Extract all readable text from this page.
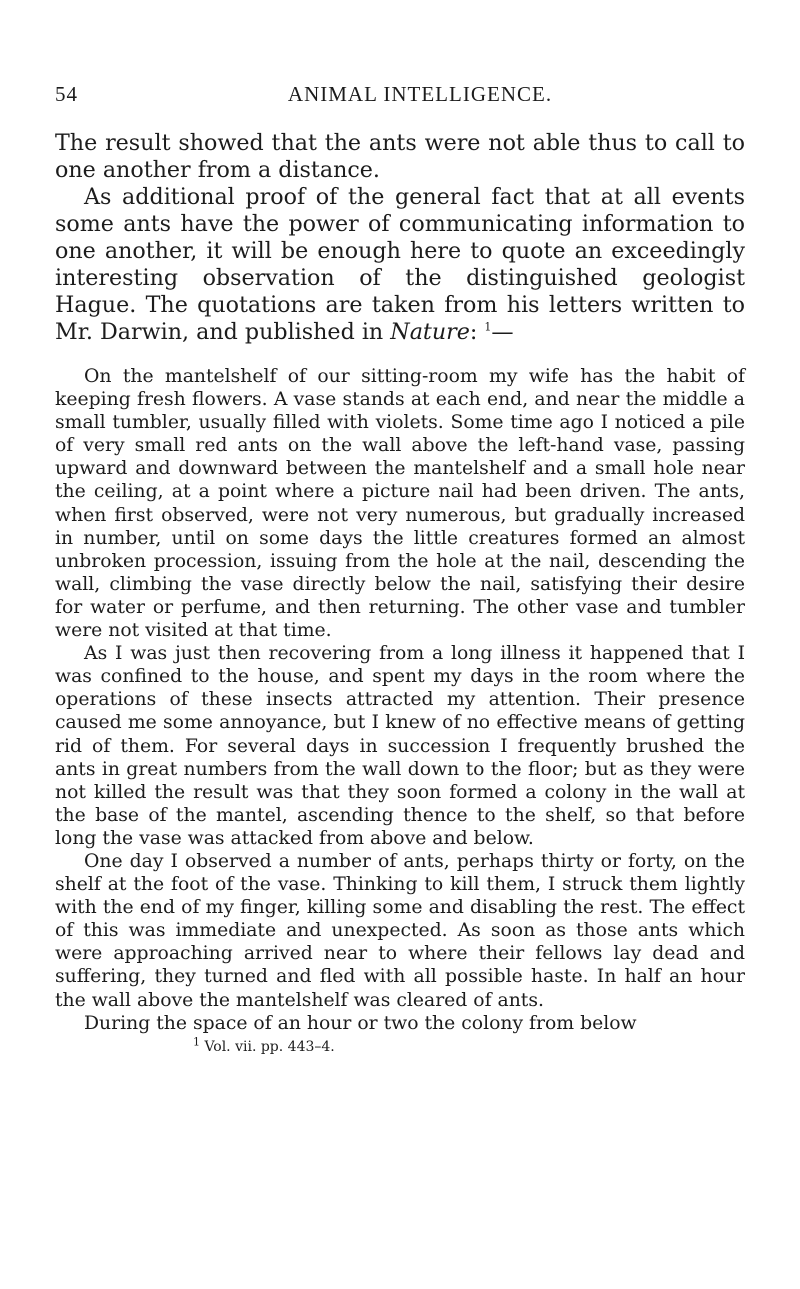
54	ANIMAL INTELLIGENCE.

The result showed that the ants were not able thus to call to one another from a distance.

As additional proof of the general fact that at all events some ants have the power of communicating information to one another, it will be enough here to quote an exceedingly interesting observation of the distinguished geologist Hague. The quotations are taken from his letters written to Mr. Darwin, and published in Nature: $^1$—

On the mantelshelf of our sitting-room my wife has the habit of keeping fresh flowers. A vase stands at each end, and near the middle a small tumbler, usually filled with violets. Some time ago I noticed a pile of very small red ants on the wall above the left-hand vase, passing upward and downward between the mantelshelf and a small hole near the ceiling, at a point where a picture nail had been driven. The ants, when first observed, were not very numerous, but gradually increased in number, until on some days the little creatures formed an almost unbroken procession, issuing from the hole at the nail, descending the wall, climbing the vase directly below the nail, satisfying their desire for water or perfume, and then returning. The other vase and tumbler were not visited at that time.

As I was just then recovering from a long illness it happened that I was confined to the house, and spent my days in the room where the operations of these insects attracted my attention. Their presence caused me some annoyance, but I knew of no effective means of getting rid of them. For several days in succession I frequently brushed the ants in great numbers from the wall down to the floor; but as they were not killed the result was that they soon formed a colony in the wall at the base of the mantel, ascending thence to the shelf, so that before long the vase was attacked from above and below.

One day I observed a number of ants, perhaps thirty or forty, on the shelf at the foot of the vase. Thinking to kill them, I struck them lightly with the end of my finger, killing some and disabling the rest. The effect of this was immediate and unexpected. As soon as those ants which were approaching arrived near to where their fellows lay dead and suffering, they turned and fled with all possible haste. In half an hour the wall above the mantelshelf was cleared of ants.

During the space of an hour or two the colony from below

$^1$ Vol. vii. pp. 443–4.
